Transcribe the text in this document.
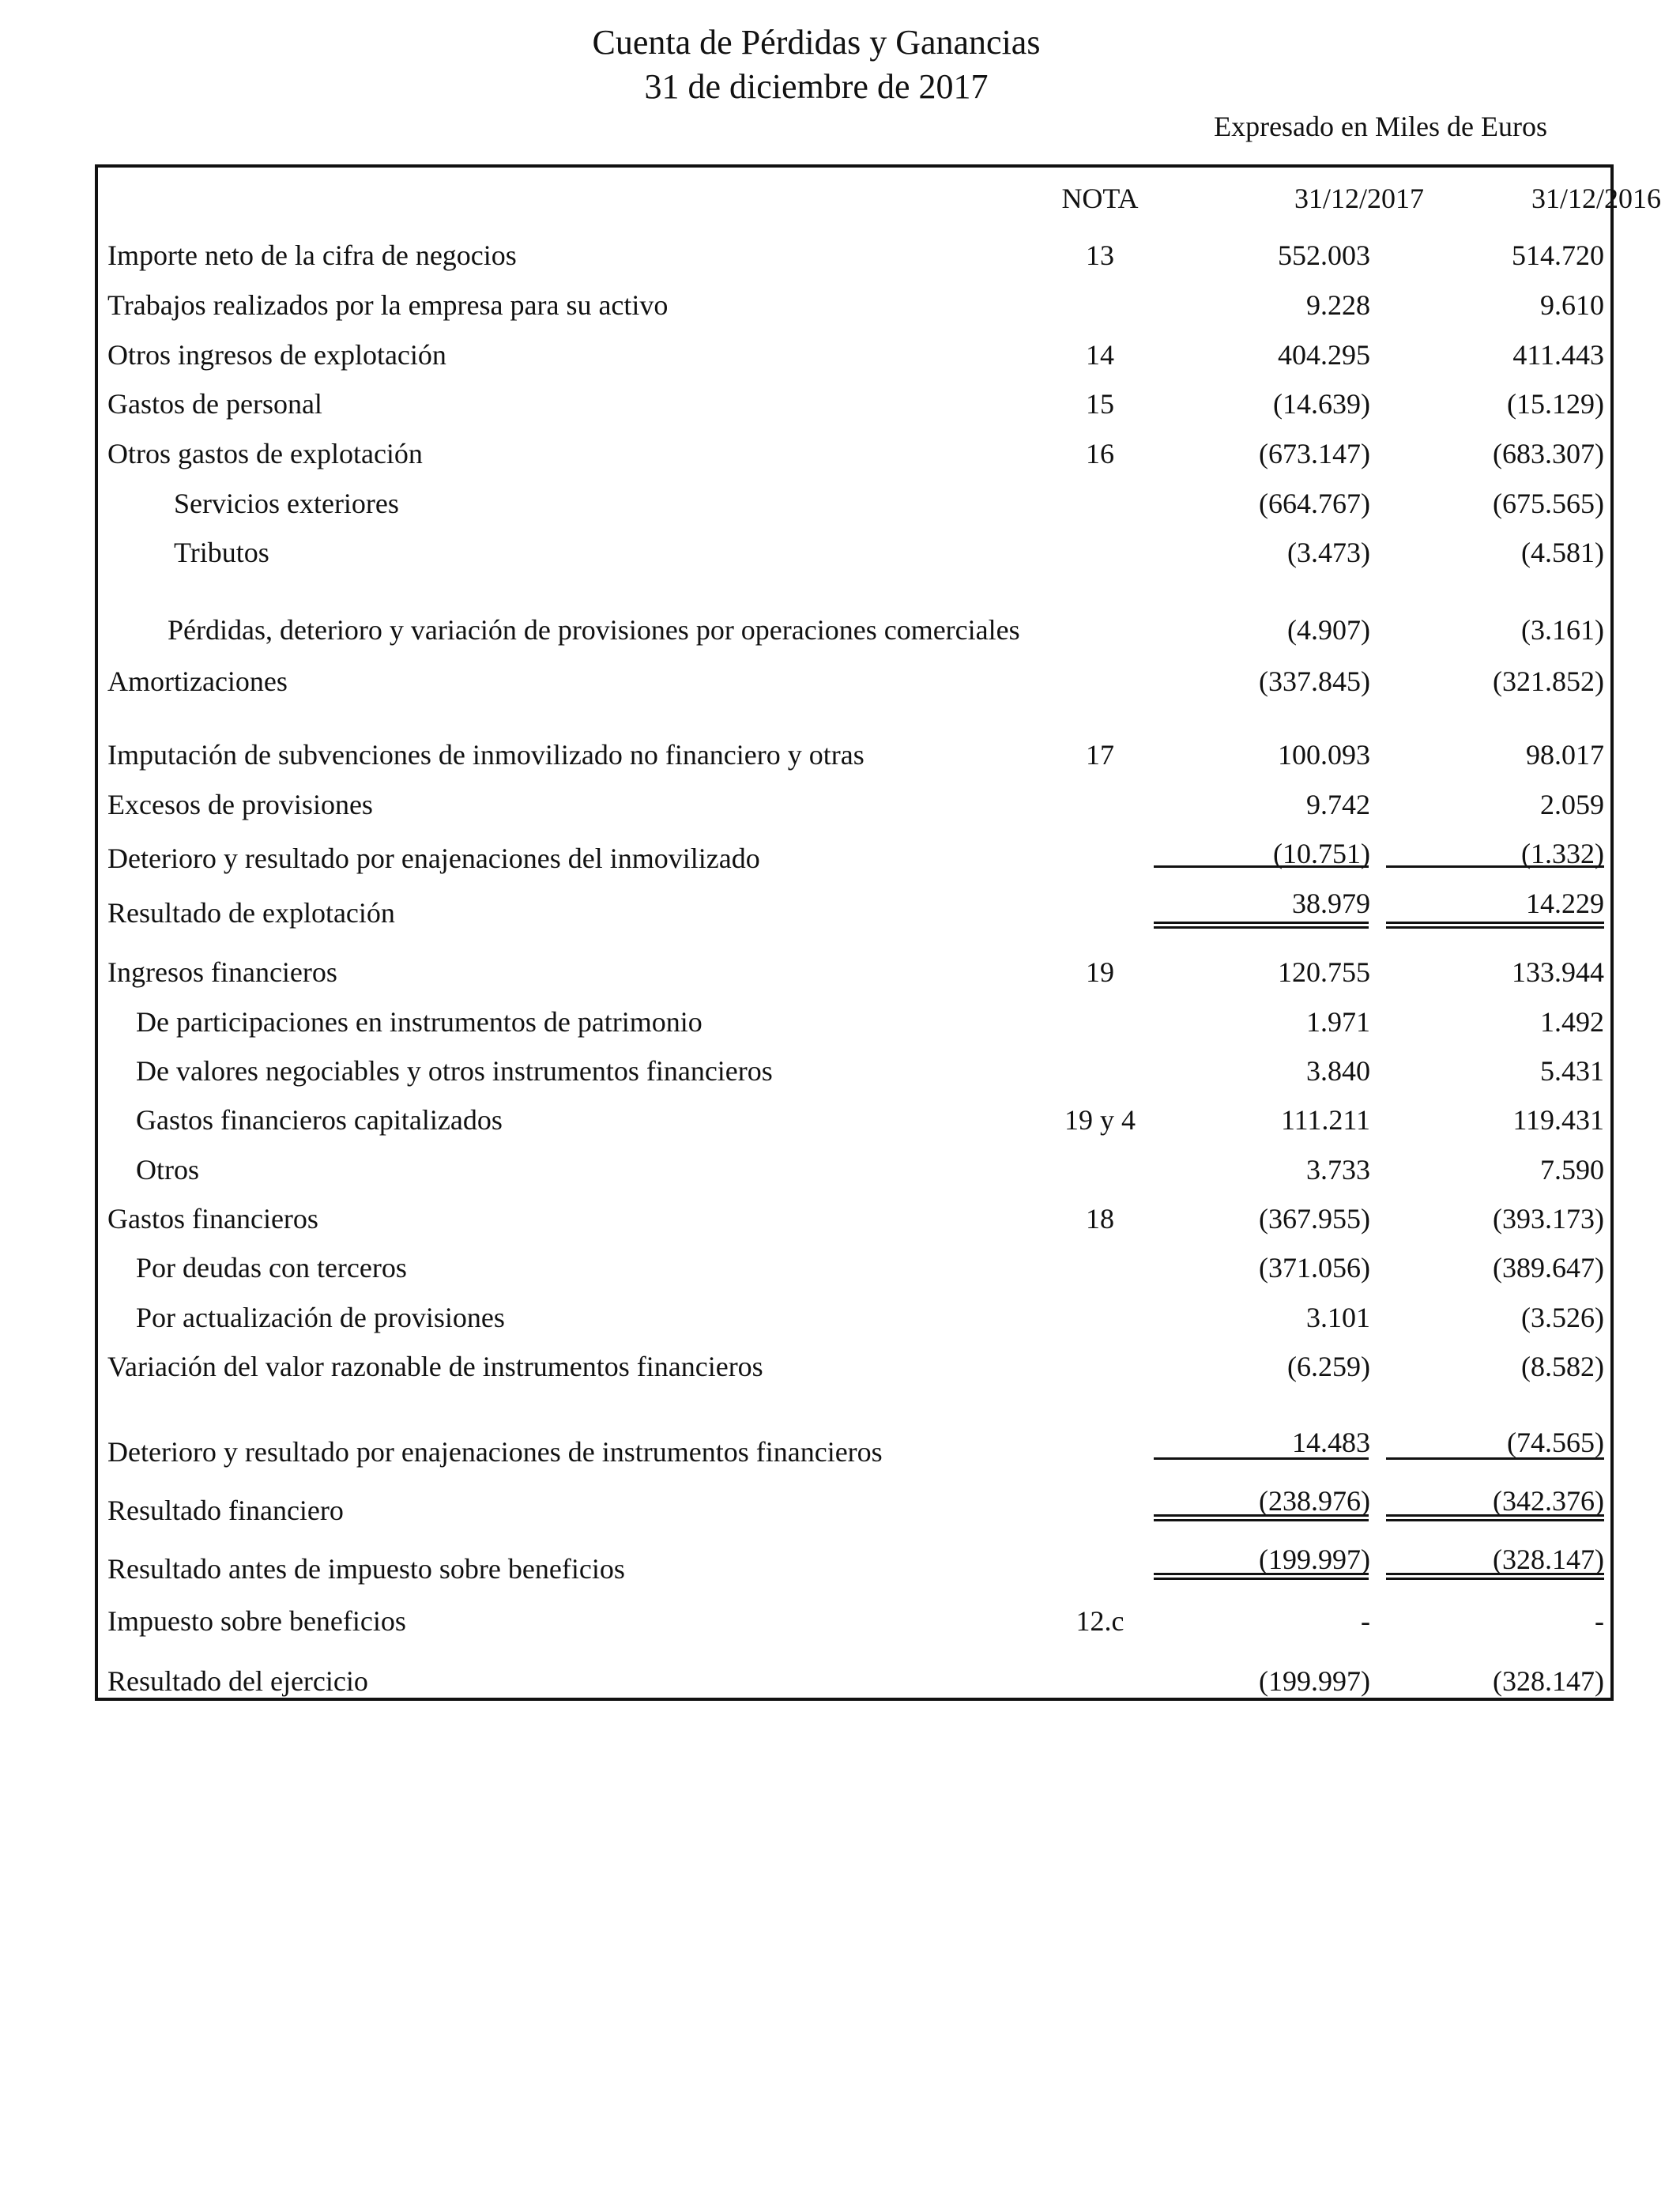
Cuenta de Pérdidas y Ganancias
31 de diciembre de 2017
Expresado en Miles de Euros
NOTA	31/12/2017	31/12/2016
Importe neto de la cifra de negocios	13	552.003	514.720
Trabajos realizados por la empresa para su activo	9.228	9.610
Otros ingresos de explotación	14	404.295	411.443
Gastos de personal	15	(14.639)	(15.129)
Otros gastos de explotación	16	(673.147)	(683.307)
Servicios exteriores	(664.767)	(675.565)
Tributos	(3.473)	(4.581)
Pérdidas, deterioro y variación de provisiones por operaciones comerciales	(4.907)	(3.161)
Amortizaciones	(337.845)	(321.852)
Imputación de subvenciones de inmovilizado no financiero y otras	17	100.093	98.017
Excesos de provisiones	9.742	2.059
Deterioro y resultado por enajenaciones del inmovilizado	(10.751)	(1.332)
Resultado de explotación	38.979	14.229
Ingresos financieros	19	120.755	133.944
De participaciones en instrumentos de patrimonio	1.971	1.492
De valores negociables y otros instrumentos financieros	3.840	5.431
Gastos financieros capitalizados	19 y 4	111.211	119.431
Otros	3.733	7.590
Gastos financieros	18	(367.955)	(393.173)
Por deudas con terceros	(371.056)	(389.647)
Por actualización de provisiones	3.101	(3.526)
Variación del valor razonable de instrumentos financieros	(6.259)	(8.582)
Deterioro y resultado por enajenaciones de instrumentos financieros	14.483	(74.565)
Resultado financiero	(238.976)	(342.376)
Resultado antes de impuesto sobre beneficios	(199.997)	(328.147)
Impuesto sobre beneficios	12.c	-	-
Resultado del ejercicio	(199.997)	(328.147)
